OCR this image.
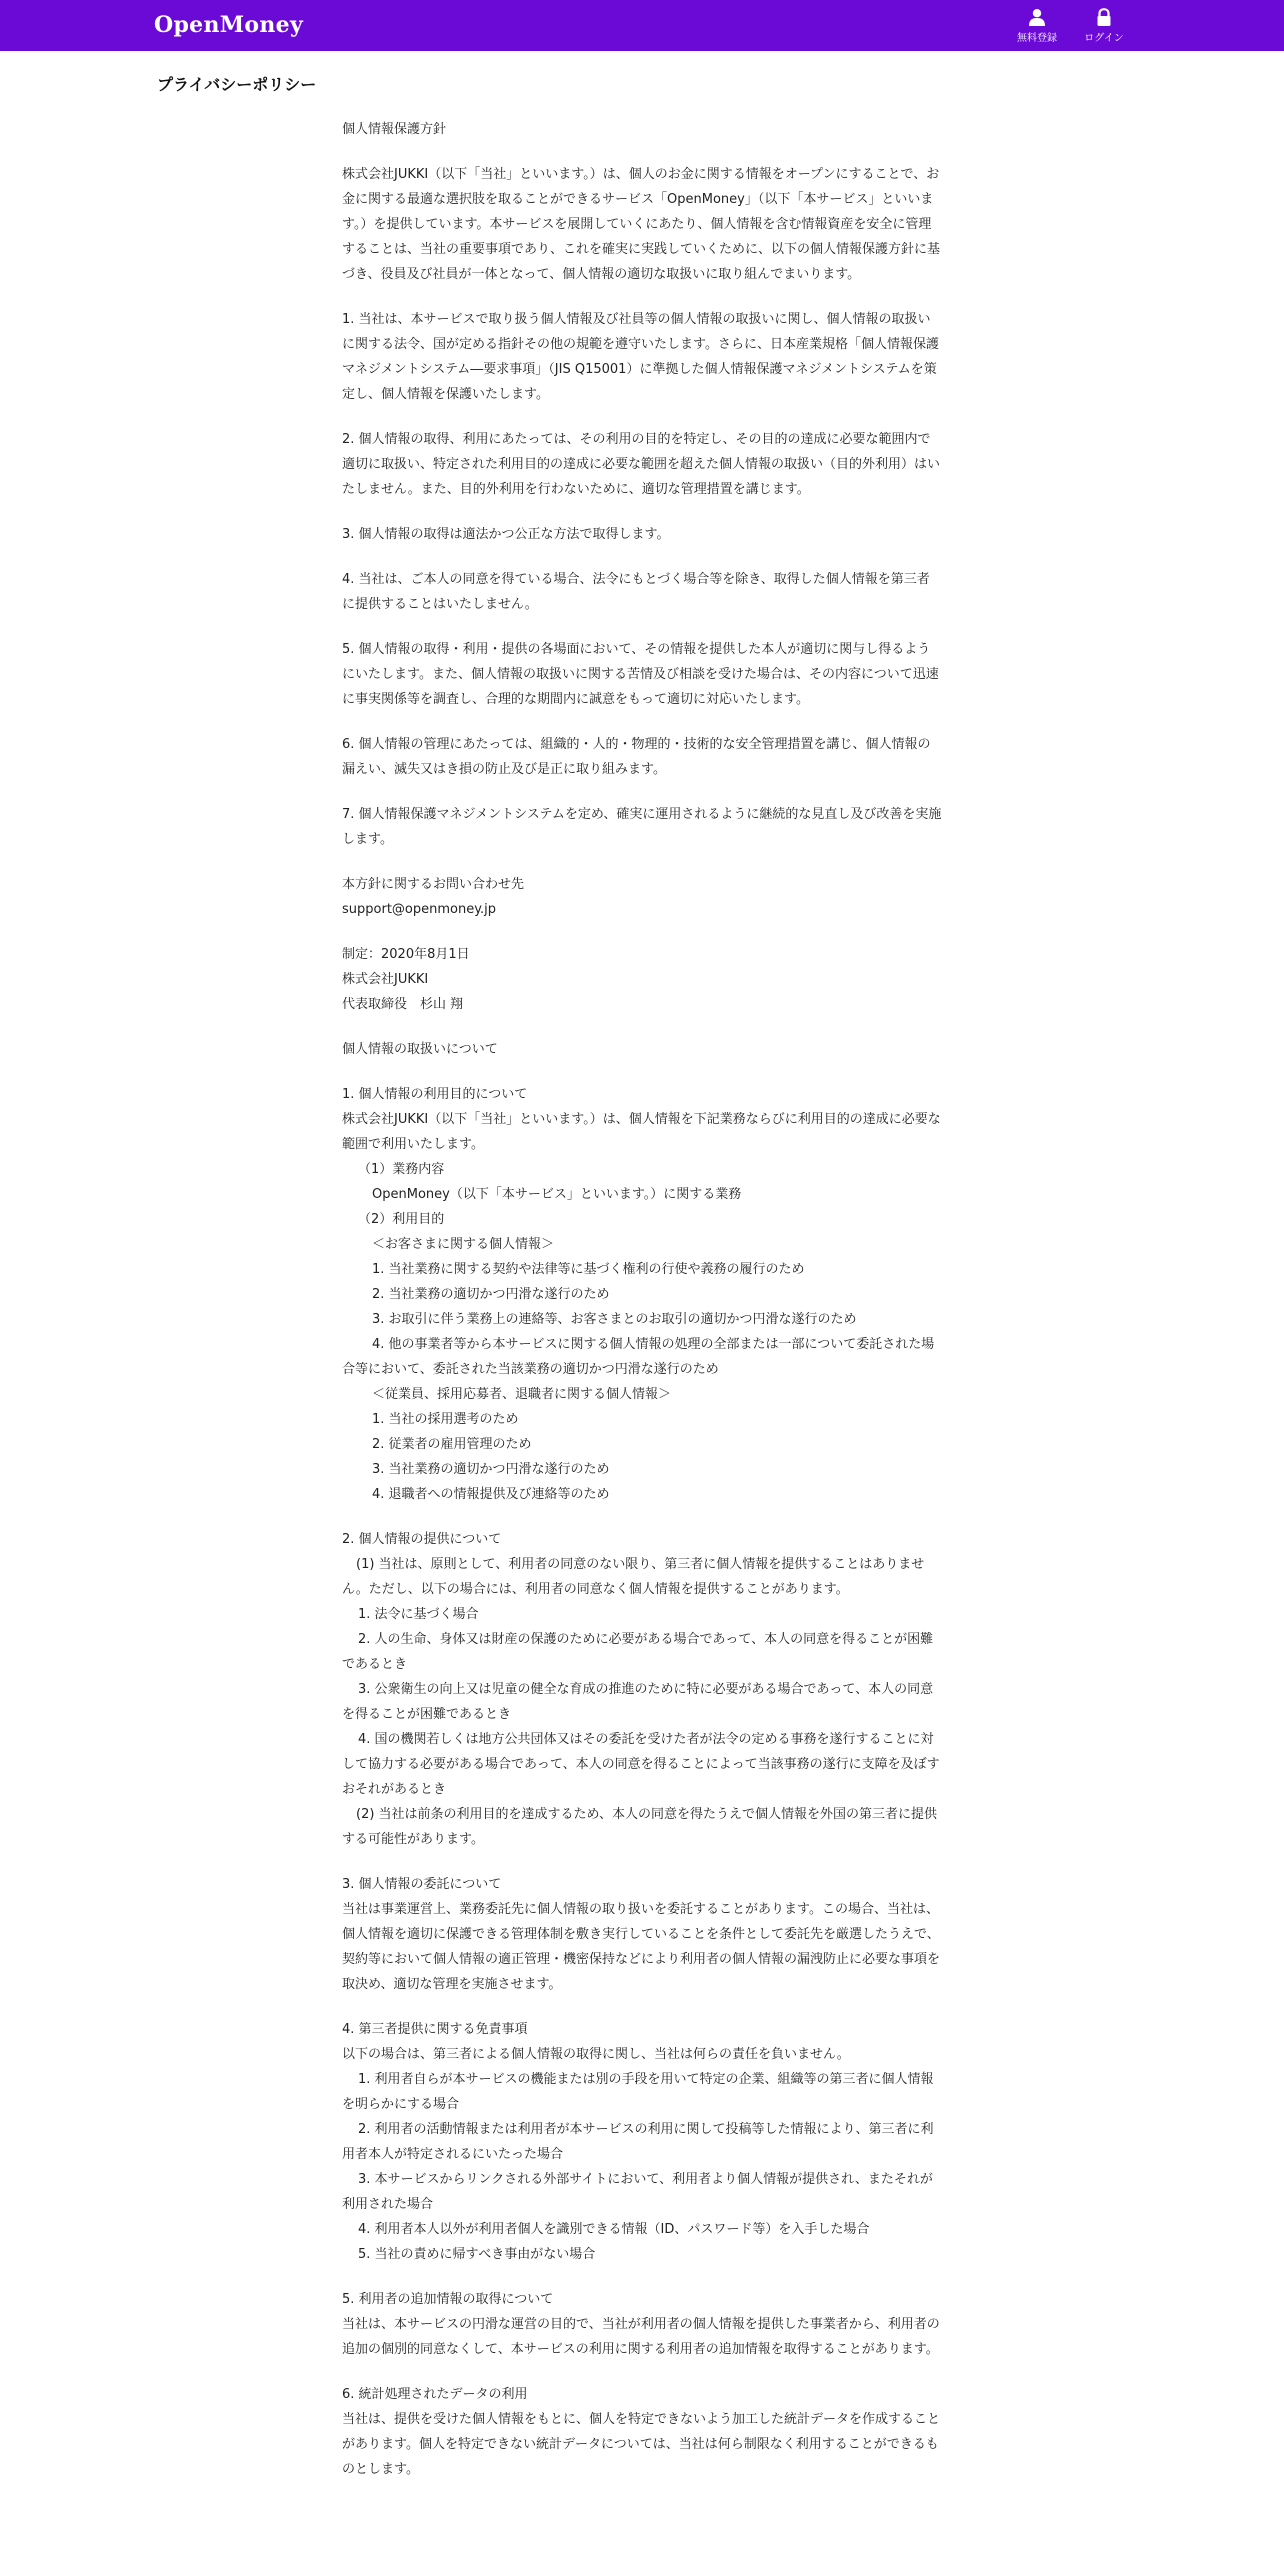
OpenMoney
無料登録	ログイン
プライバシーポリシー

個人情報保護方針

株式会社JUKKI（以下「当社」といいます。）は、個人のお金に関する情報をオープンにすることで、お金に関する最適な選択肢を取ることができるサービス「OpenMoney」（以下「本サービス」といいます。）を提供しています。本サービスを展開していくにあたり、個人情報を含む情報資産を安全に管理することは、当社の重要事項であり、これを確実に実践していくために、以下の個人情報保護方針に基づき、役員及び社員が一体となって、個人情報の適切な取扱いに取り組んでまいります。

1. 当社は、本サービスで取り扱う個人情報及び社員等の個人情報の取扱いに関し、個人情報の取扱いに関する法令、国が定める指針その他の規範を遵守いたします。さらに、日本産業規格「個人情報保護マネジメントシステム―要求事項」（JIS Q15001）に準拠した個人情報保護マネジメントシステムを策定し、個人情報を保護いたします。

2. 個人情報の取得、利用にあたっては、その利用の目的を特定し、その目的の達成に必要な範囲内で適切に取扱い、特定された利用目的の達成に必要な範囲を超えた個人情報の取扱い（目的外利用）はいたしません。また、目的外利用を行わないために、適切な管理措置を講じます。

3. 個人情報の取得は適法かつ公正な方法で取得します。

4. 当社は、ご本人の同意を得ている場合、法令にもとづく場合等を除き、取得した個人情報を第三者に提供することはいたしません。

5. 個人情報の取得・利用・提供の各場面において、その情報を提供した本人が適切に関与し得るようにいたします。また、個人情報の取扱いに関する苦情及び相談を受けた場合は、その内容について迅速に事実関係等を調査し、合理的な期間内に誠意をもって適切に対応いたします。

6. 個人情報の管理にあたっては、組織的・人的・物理的・技術的な安全管理措置を講じ、個人情報の漏えい、滅失又はき損の防止及び是正に取り組みます。

7. 個人情報保護マネジメントシステムを定め、確実に運用されるように継続的な見直し及び改善を実施します。

本方針に関するお問い合わせ先
support@openmoney.jp

制定：2020年8月1日
株式会社JUKKI
代表取締役　杉山 翔

個人情報の取扱いについて

1. 個人情報の利用目的について
株式会社JUKKI（以下「当社」といいます。）は、個人情報を下記業務ならびに利用目的の達成に必要な範囲で利用いたします。
（1）業務内容
OpenMoney（以下「本サービス」といいます。）に関する業務
（2）利用目的
＜お客さまに関する個人情報＞
1. 当社業務に関する契約や法律等に基づく権利の行使や義務の履行のため
2. 当社業務の適切かつ円滑な遂行のため
3. お取引に伴う業務上の連絡等、お客さまとのお取引の適切かつ円滑な遂行のため
4. 他の事業者等から本サービスに関する個人情報の処理の全部または一部について委託された場合等において、委託された当該業務の適切かつ円滑な遂行のため
＜従業員、採用応募者、退職者に関する個人情報＞
1. 当社の採用選考のため
2. 従業者の雇用管理のため
3. 当社業務の適切かつ円滑な遂行のため
4. 退職者への情報提供及び連絡等のため

2. 個人情報の提供について
(1) 当社は、原則として、利用者の同意のない限り、第三者に個人情報を提供することはありません。ただし、以下の場合には、利用者の同意なく個人情報を提供することがあります。
1. 法令に基づく場合
2. 人の生命、身体又は財産の保護のために必要がある場合であって、本人の同意を得ることが困難であるとき
3. 公衆衛生の向上又は児童の健全な育成の推進のために特に必要がある場合であって、本人の同意を得ることが困難であるとき
4. 国の機関若しくは地方公共団体又はその委託を受けた者が法令の定める事務を遂行することに対して協力する必要がある場合であって、本人の同意を得ることによって当該事務の遂行に支障を及ぼすおそれがあるとき
(2) 当社は前条の利用目的を達成するため、本人の同意を得たうえで個人情報を外国の第三者に提供する可能性があります。

3. 個人情報の委託について
当社は事業運営上、業務委託先に個人情報の取り扱いを委託することがあります。この場合、当社は、個人情報を適切に保護できる管理体制を敷き実行していることを条件として委託先を厳選したうえで、契約等において個人情報の適正管理・機密保持などにより利用者の個人情報の漏洩防止に必要な事項を取決め、適切な管理を実施させます。

4. 第三者提供に関する免責事項
以下の場合は、第三者による個人情報の取得に関し、当社は何らの責任を負いません。
1. 利用者自らが本サービスの機能または別の手段を用いて特定の企業、組織等の第三者に個人情報を明らかにする場合
2. 利用者の活動情報または利用者が本サービスの利用に関して投稿等した情報により、第三者に利用者本人が特定されるにいたった場合
3. 本サービスからリンクされる外部サイトにおいて、利用者より個人情報が提供され、またそれが利用された場合
4. 利用者本人以外が利用者個人を識別できる情報（ID、パスワード等）を入手した場合
5. 当社の責めに帰すべき事由がない場合

5. 利用者の追加情報の取得について
当社は、本サービスの円滑な運営の目的で、当社が利用者の個人情報を提供した事業者から、利用者の追加の個別的同意なくして、本サービスの利用に関する利用者の追加情報を取得することがあります。

6. 統計処理されたデータの利用
当社は、提供を受けた個人情報をもとに、個人を特定できないよう加工した統計データを作成することがあります。個人を特定できない統計データについては、当社は何ら制限なく利用することができるものとします。
